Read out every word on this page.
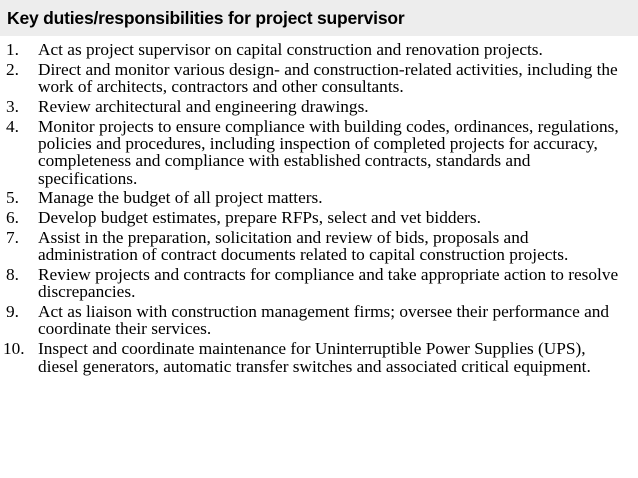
Key duties/responsibilities for project supervisor
1. Act as project supervisor on capital construction and renovation projects.
2. Direct and monitor various design- and construction-related activities, including the work of architects, contractors and other consultants.
3. Review architectural and engineering drawings.
4. Monitor projects to ensure compliance with building codes, ordinances, regulations, policies and procedures, including inspection of completed projects for accuracy, completeness and compliance with established contracts, standards and specifications.
5. Manage the budget of all project matters.
6. Develop budget estimates, prepare RFPs, select and vet bidders.
7. Assist in the preparation, solicitation and review of bids, proposals and administration of contract documents related to capital construction projects.
8. Review projects and contracts for compliance and take appropriate action to resolve discrepancies.
9. Act as liaison with construction management firms; oversee their performance and      coordinate their services.
10. Inspect and coordinate maintenance for Uninterruptible Power Supplies (UPS), diesel generators, automatic transfer switches and associated critical equipment.
